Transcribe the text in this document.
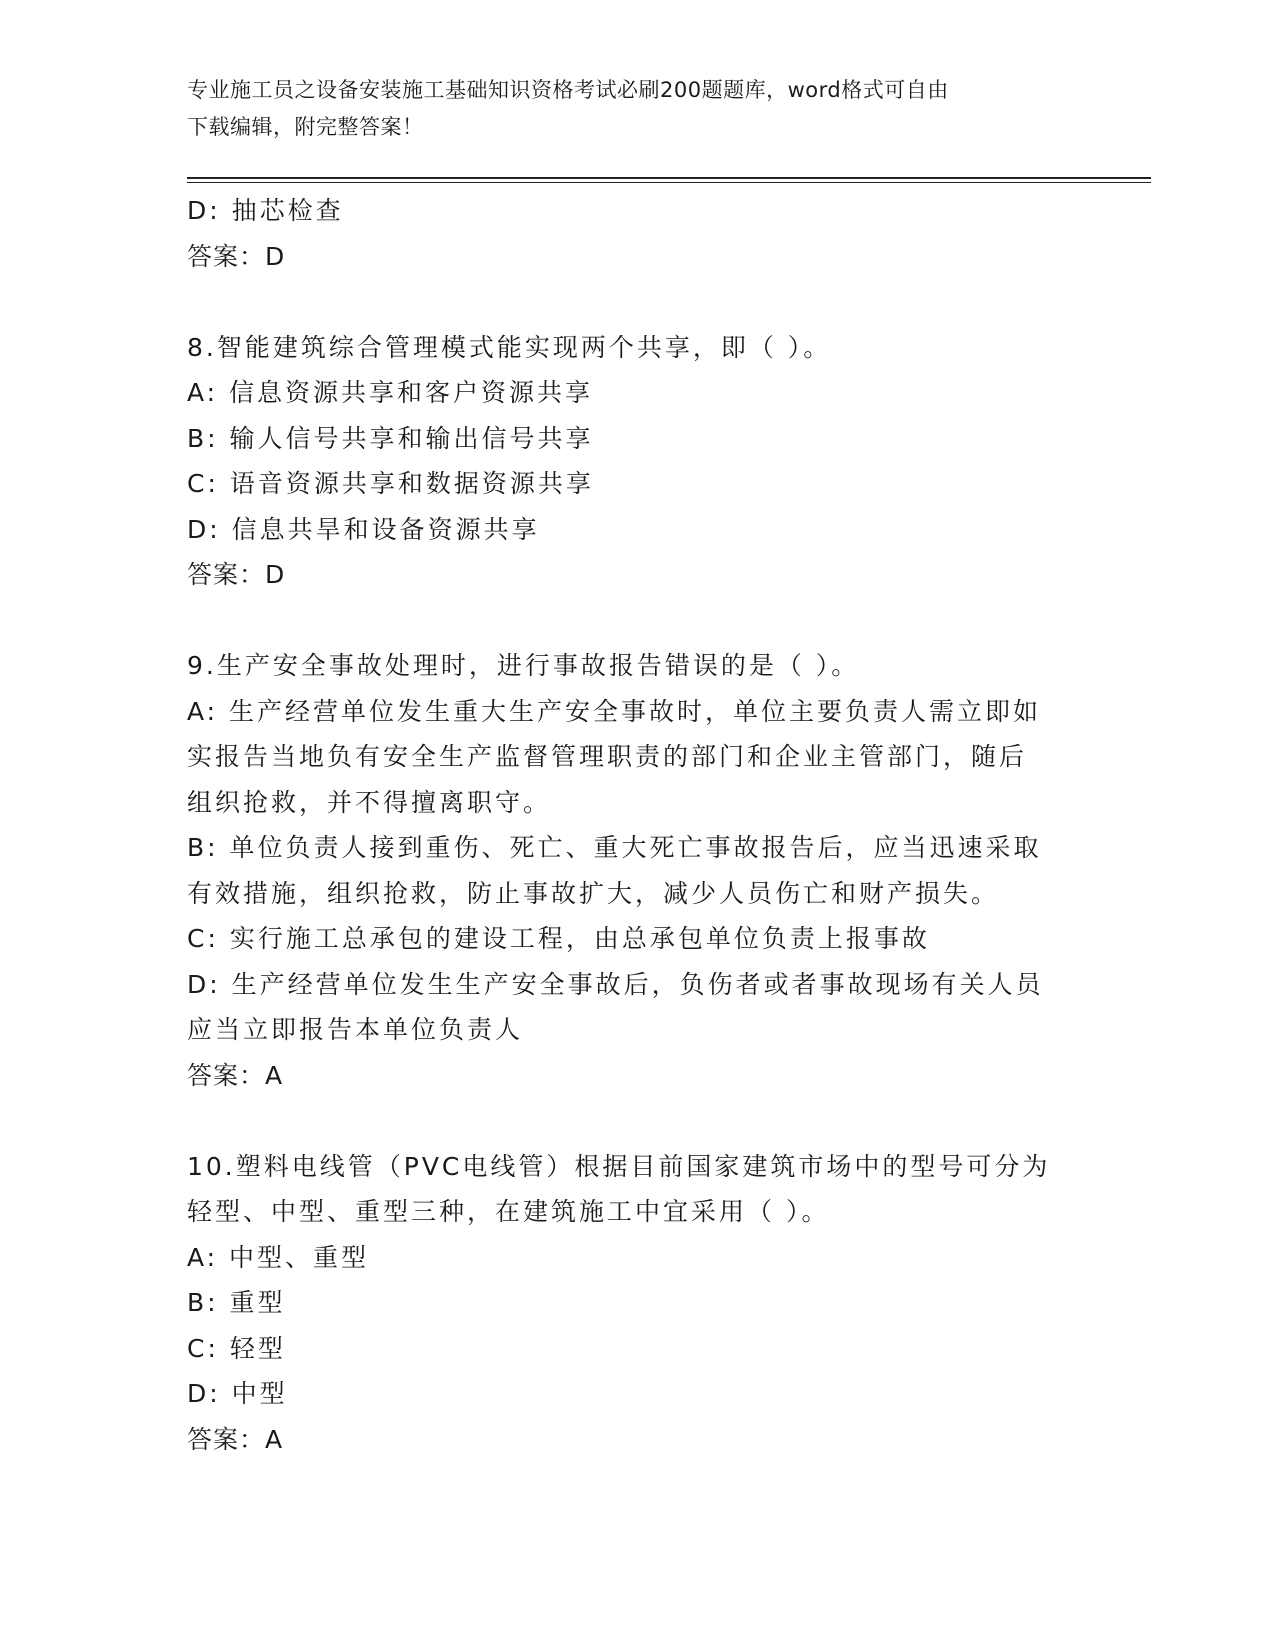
专业施工员之设备安装施工基础知识资格考试必刷200题题库，word格式可自由
下载编辑，附完整答案！

D: 抽芯检查

答案：D

8.智能建筑综合管理模式能实现两个共享，即（ ）。

A: 信息资源共享和客户资源共享

B: 输人信号共享和输出信号共享

C: 语音资源共享和数据资源共享

D: 信息共旱和设备资源共享

答案：D

9.生产安全事故处理时，进行事故报告错误的是（ ）。

A: 生产经营单位发生重大生产安全事故时，单位主要负责人需立即如

实报告当地负有安全生产监督管理职责的部门和企业主管部门，随后

组织抢救，并不得擅离职守。

B: 单位负责人接到重伤、死亡、重大死亡事故报告后，应当迅速采取

有效措施，组织抢救，防止事故扩大，减少人员伤亡和财产损失。

C: 实行施工总承包的建设工程，由总承包单位负责上报事故

D: 生产经营单位发生生产安全事故后，负伤者或者事故现场有关人员

应当立即报告本单位负责人

答案：A

10.塑料电线管（PVC电线管）根据目前国家建筑市场中的型号可分为

轻型、中型、重型三种，在建筑施工中宜采用（ ）。

A: 中型、重型

B: 重型

C: 轻型

D: 中型

答案：A
